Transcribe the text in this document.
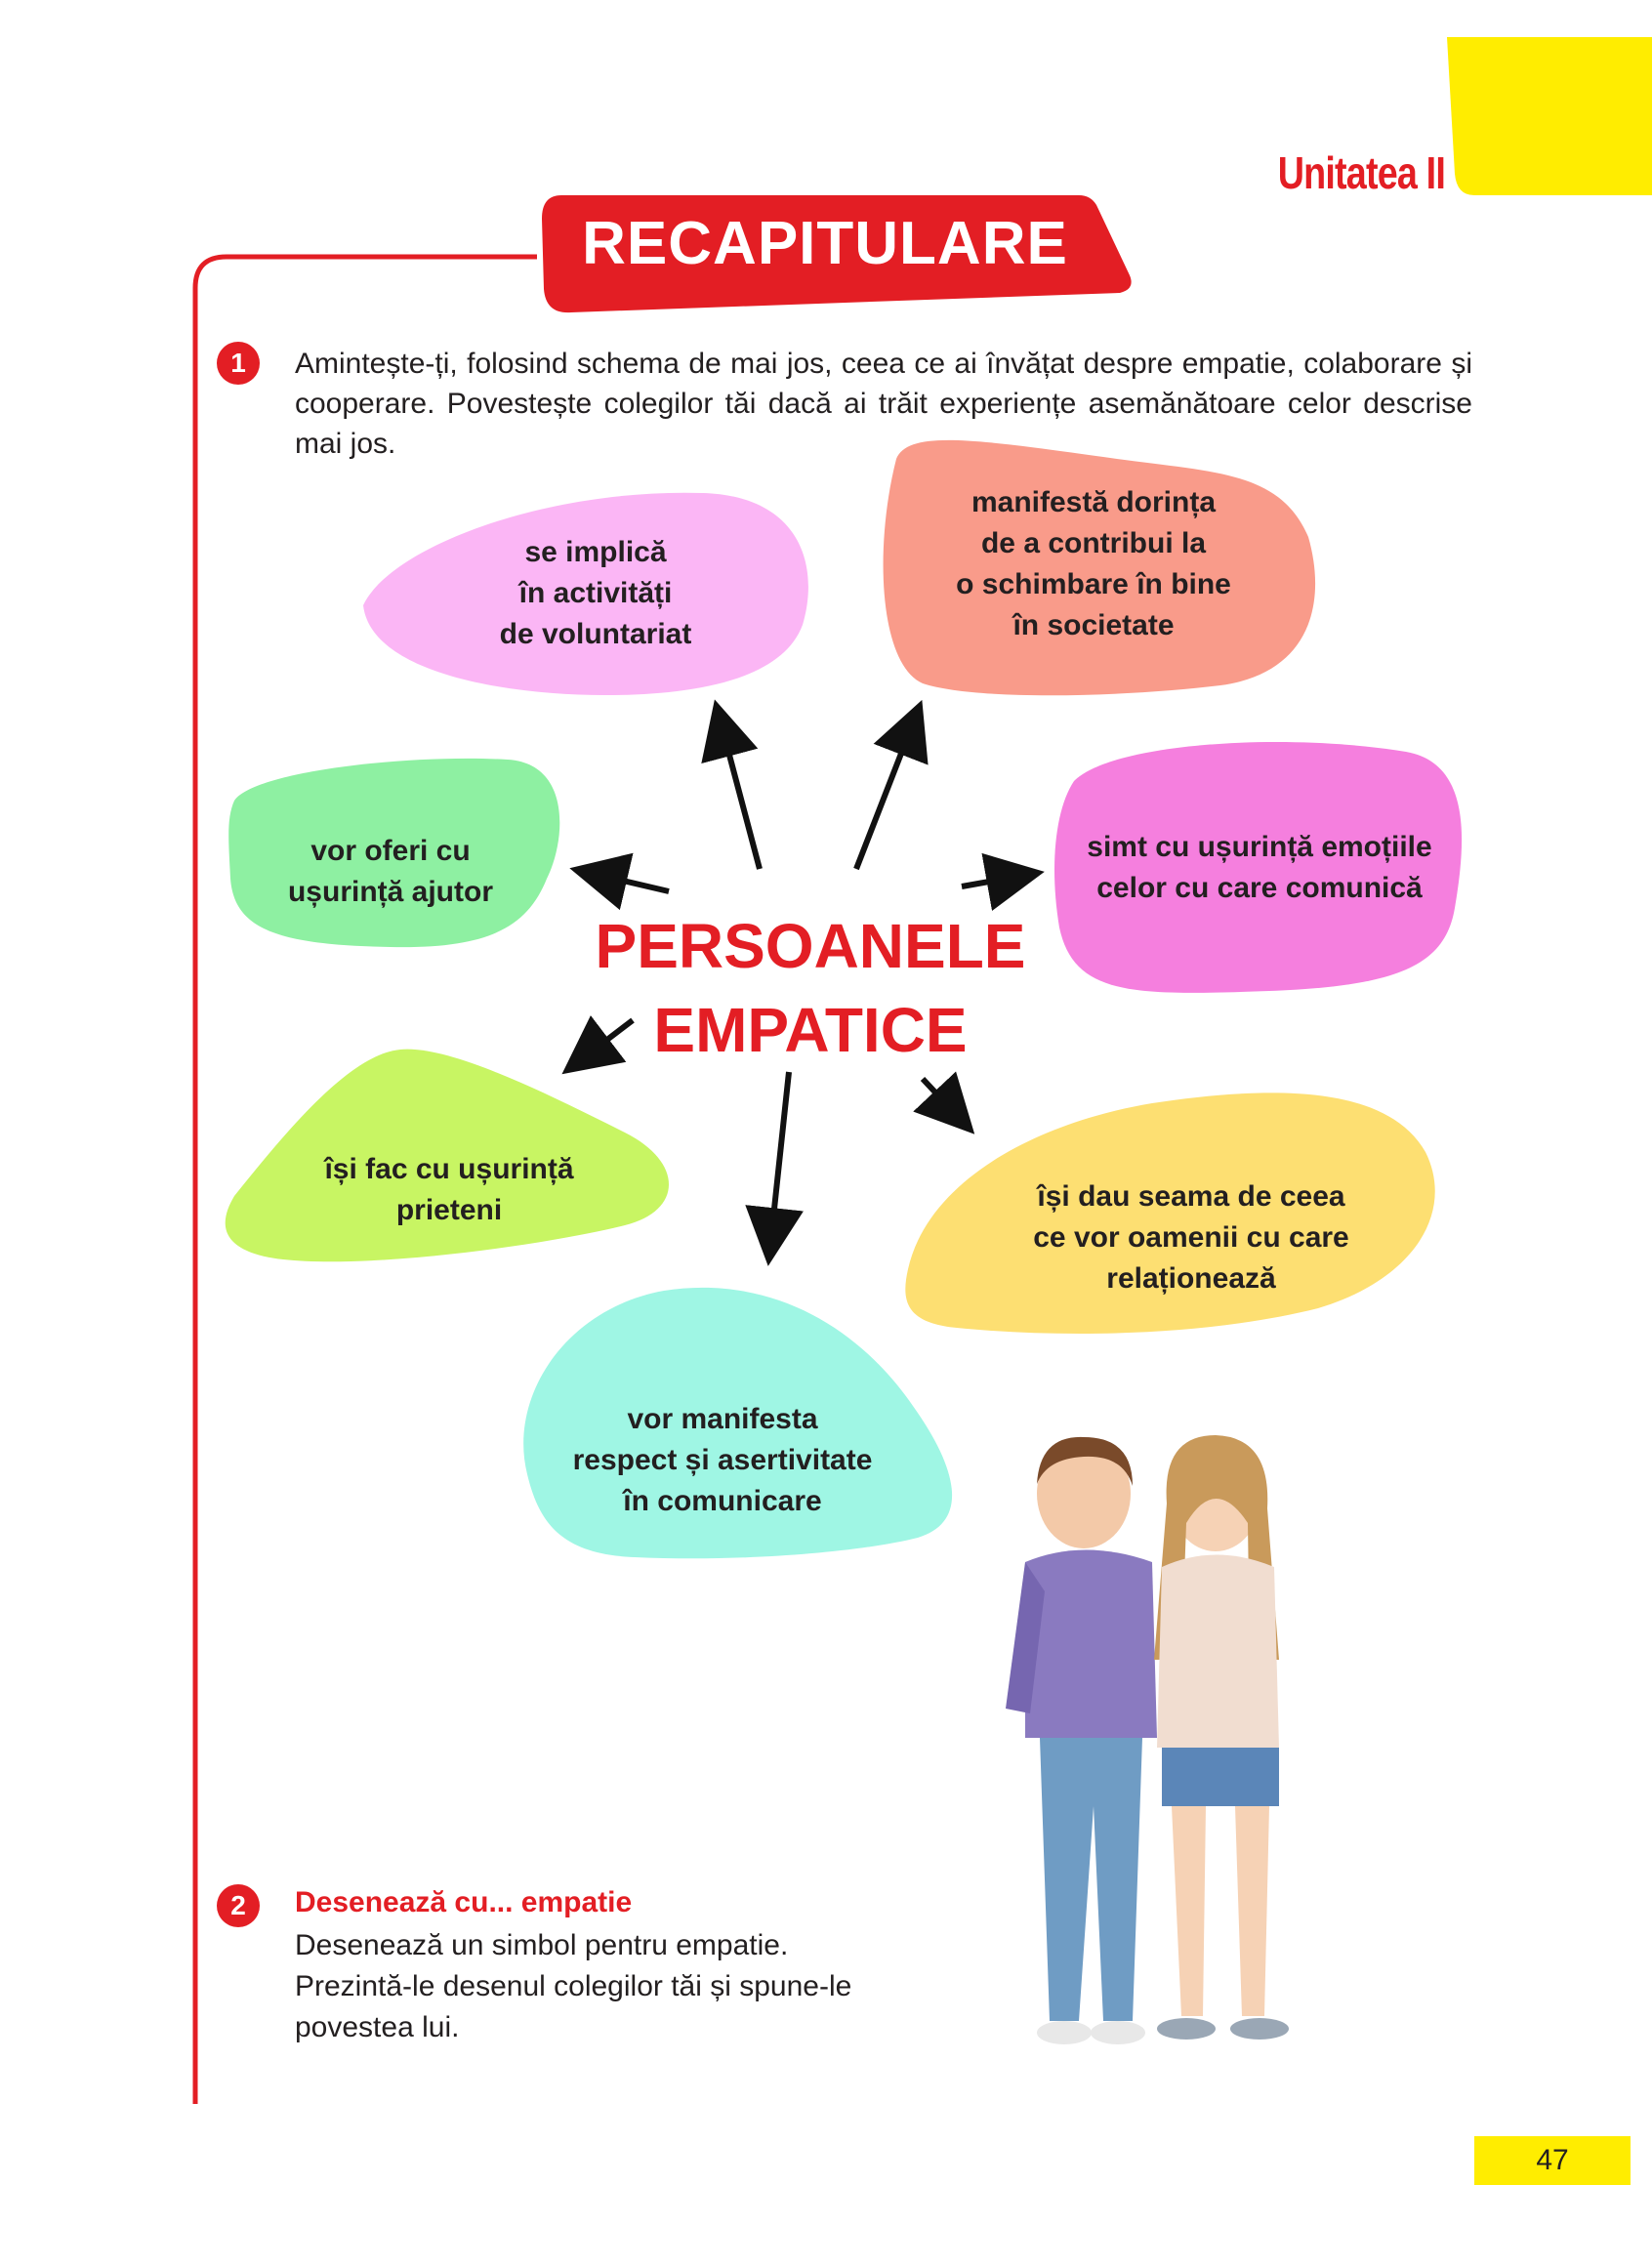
Unitatea II
RECAPITULARE
1	Amintește-ți, folosind schema de mai jos, ceea ce ai învățat despre empatie, colaborare și cooperare. Povestește colegilor tăi dacă ai trăit experiențe asemănătoare celor descrise mai jos.
se implică
în activități
de voluntariat
manifestă dorința
de a contribui la
o schimbare în bine
în societate
vor oferi cu
ușurință ajutor
simt cu ușurință emoțiile
celor cu care comunică
își fac cu ușurință
prieteni	își dau seama de ceea
ce vor oamenii cu care
relaționează
vor manifesta
respect și asertivitate
în comunicare
PERSOANELE
EMPATICE
2	Desenează cu... empatie
Desenează un simbol pentru empatie.
Prezintă-le desenul colegilor tăi și spune-le
povestea lui.
47
